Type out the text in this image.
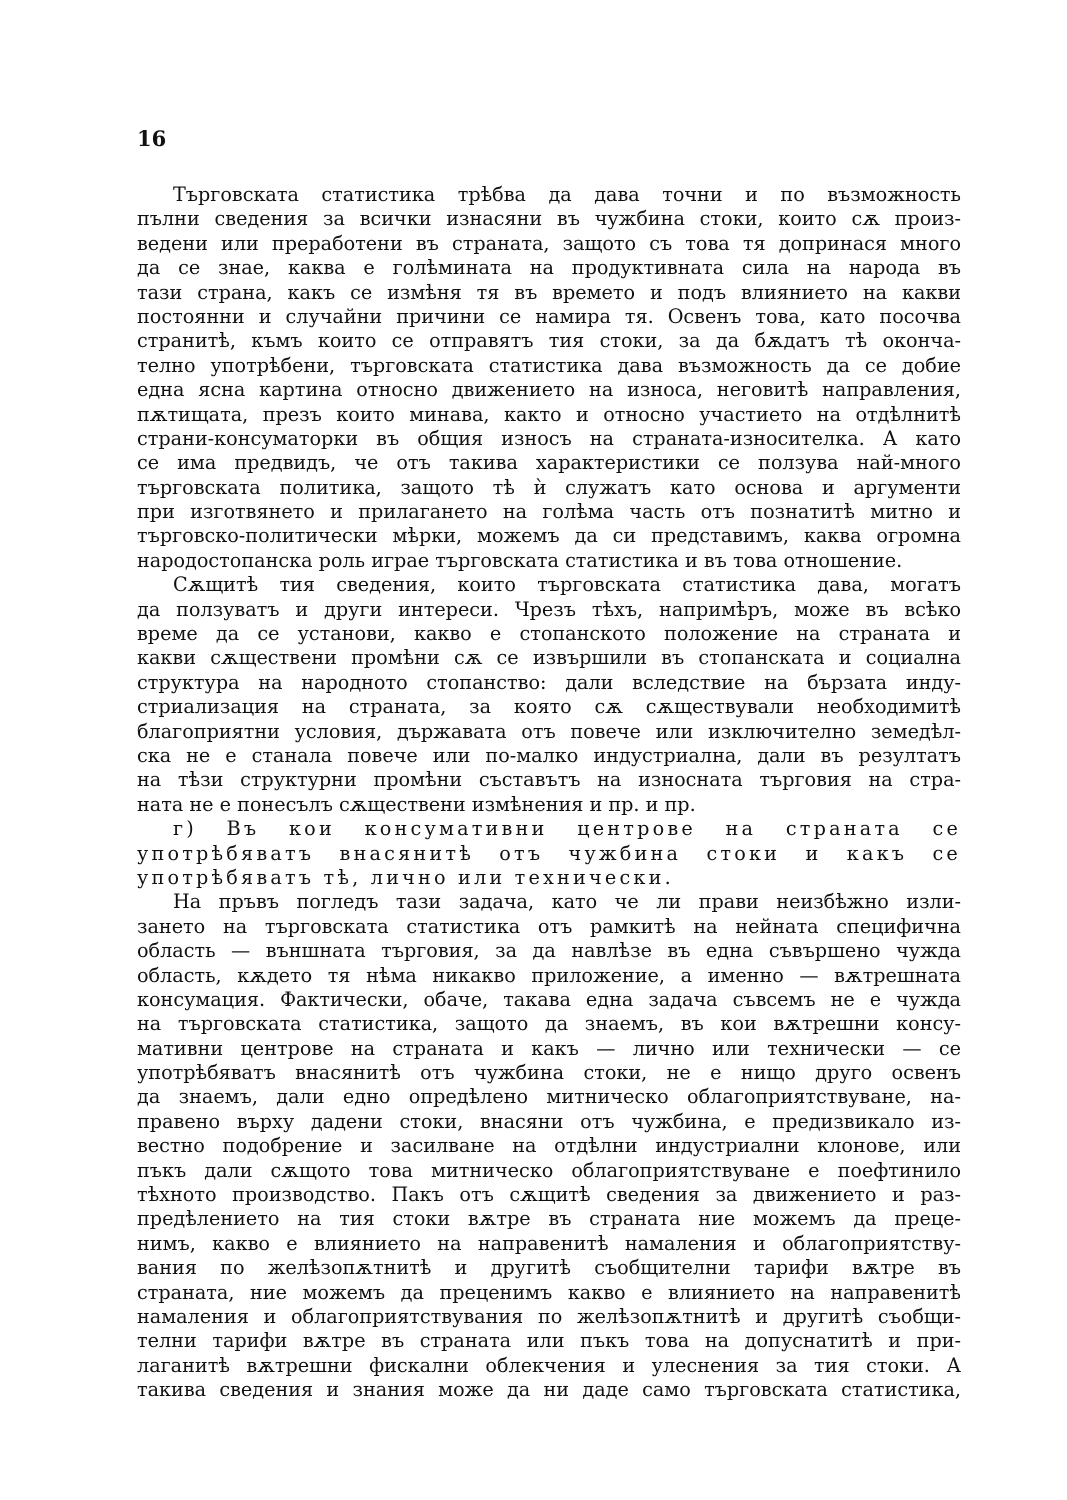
16
Търговската статистика трѣбва да дава точни и по възможность
пълни сведения за всички изнасяни въ чужбина стоки, които сѫ произ-
ведени или преработени въ страната, защото съ това тя допринася много
да се знае, каква е голѣмината на продуктивната сила на народа въ
тази страна, какъ се измѣня тя въ времето и подъ влиянието на какви
постоянни и случайни причини се намира тя. Освенъ това, като посочва
странитѣ, къмъ които се отправятъ тия стоки, за да бѫдатъ тѣ оконча-
телно употрѣбени, търговската статистика дава възможность да се добие
една ясна картина относно движението на износа, неговитѣ направления,
пѫтищата, презъ които минава, както и относно участието на отдѣлнитѣ
страни-консуматорки въ общия износъ на страната-износителка. А като
се има предвидъ, че отъ такива характеристики се ползува най-много
търговската политика, защото тѣ ѝ служатъ като основа и аргументи
при изготвянето и прилагането на голѣма часть отъ познатитѣ митно и
търговско-политически мѣрки, можемъ да си представимъ, каква огромна
народостопанска роль играе търговската статистика и въ това отношение.
Сѫщитѣ тия сведения, които търговската статистика дава, могатъ
да ползуватъ и други интереси. Чрезъ тѣхъ, напримѣръ, може въ всѣко
време да се установи, какво е стопанското положение на страната и
какви сѫществени промѣни сѫ се извършили въ стопанската и социална
структура на народното стопанство: дали вследствие на бързата инду-
стриализация на страната, за която сѫ сѫществували необходимитѣ
благоприятни условия, държавата отъ повече или изключително земедѣл-
ска не е станала повече или по-малко индустриална, дали въ резултатъ
на тѣзи структурни промѣни съставътъ на износната търговия на стра-
ната не е понесълъ сѫществени измѣнения и пр. и пр.
г) Въ кои консумативни центрове на страната се
употрѣбяватъ внасянитѣ отъ чужбина стоки и какъ се
употрѣбяватъ тѣ, лично или технически.
На пръвъ погледъ тази задача, като че ли прави неизбѣжно изли-
зането на търговската статистика отъ рамкитѣ на нейната специфична
область — външната търговия, за да навлѣзе въ една съвършено чужда
область, кѫдето тя нѣма никакво приложение, а именно — вѫтрешната
консумация. Фактически, обаче, такава една задача съвсемъ не е чужда
на търговската статистика, защото да знаемъ, въ кои вѫтрешни консу-
мативни центрове на страната и какъ — лично или технически — се
употрѣбяватъ внасянитѣ отъ чужбина стоки, не е нищо друго освенъ
да знаемъ, дали едно опредѣлено митническо облагоприятствуване, на-
правено върху дадени стоки, внасяни отъ чужбина, е предизвикало из-
вестно подобрение и засилване на отдѣлни индустриални клонове, или
пъкъ дали сѫщото това митническо облагоприятствуване е поефтинило
тѣхното производство. Пакъ отъ сѫщитѣ сведения за движението и раз-
предѣлението на тия стоки вѫтре въ страната ние можемъ да преце-
нимъ, какво е влиянието на направенитѣ намаления и облагоприятству-
вания по желѣзопѫтнитѣ и другитѣ съобщителни тарифи вѫтре въ
страната, ние можемъ да преценимъ какво е влиянието на направенитѣ
намаления и облагоприятствувания по желѣзопѫтнитѣ и другитѣ съобщи-
телни тарифи вѫтре въ страната или пъкъ това на допуснатитѣ и при-
лаганитѣ вѫтрешни фискални облекчения и улеснения за тия стоки. А
такива сведения и знания може да ни даде само търговската статистика,
